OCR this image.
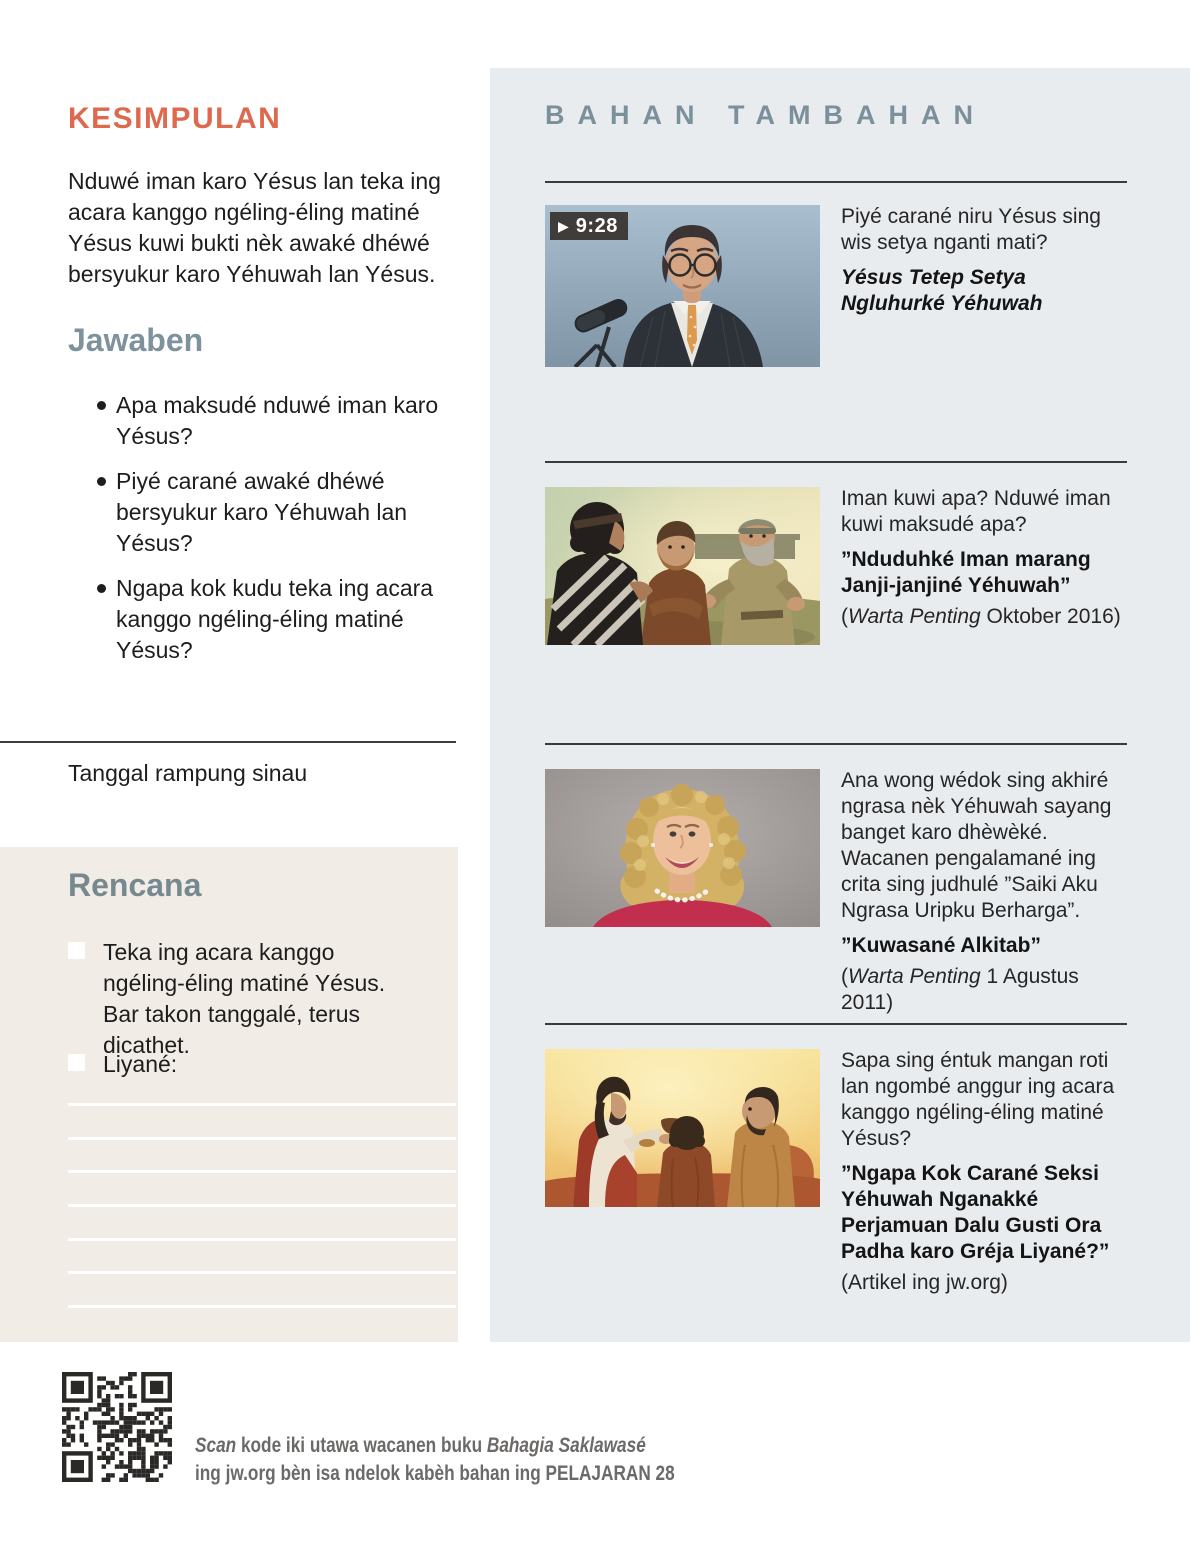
KESIMPULAN

Nduwé iman karo Yésus lan teka ing acara kanggo ngéling-éling matiné Yésus kuwi bukti nèk awaké dhéwé bersyukur karo Yéhuwah lan Yésus.

Jawaben
Apa maksudé nduwé iman karo Yésus?
Piyé carané awaké dhéwé bersyukur karo Yéhuwah lan Yésus?
Ngapa kok kudu teka ing acara kanggo ngéling-éling matiné Yésus?
Tanggal rampung sinau
Rencana
Teka ing acara kanggo ngéling-éling matiné Yésus. Bar takon tanggalé, terus dicathet.
Liyané:
BAHAN TAMBAHAN
▶ 9:28	Piyé carané niru Yésus sing wis setya nganti mati?

Yésus Tetep Setya Ngluhurké Yéhuwah

Iman kuwi apa? Nduwé iman kuwi maksudé apa?

”Nduduhké Iman marang Janji-janjiné Yéhuwah”

(Warta Penting Oktober 2016)

Ana wong wédok sing akhiré ngrasa nèk Yéhuwah sayang banget karo dhèwèké. Wacanen pengalamané ing crita sing judhulé ”Saiki Aku Ngrasa Uripku Berharga”.

”Kuwasané Alkitab”

(Warta Penting 1 Agustus 2011)

Sapa sing éntuk mangan roti lan ngombé anggur ing acara kanggo ngéling-éling matiné Yésus?

”Ngapa Kok Carané Seksi Yéhuwah Nganakké Perjamuan Dalu Gusti Ora Padha karo Gréja Liyané?”

(Artikel ing jw.org)

Scan kode iki utawa wacanen buku Bahagia Saklawasé

ing jw.org bèn isa ndelok kabèh bahan ing PELAJARAN 28
